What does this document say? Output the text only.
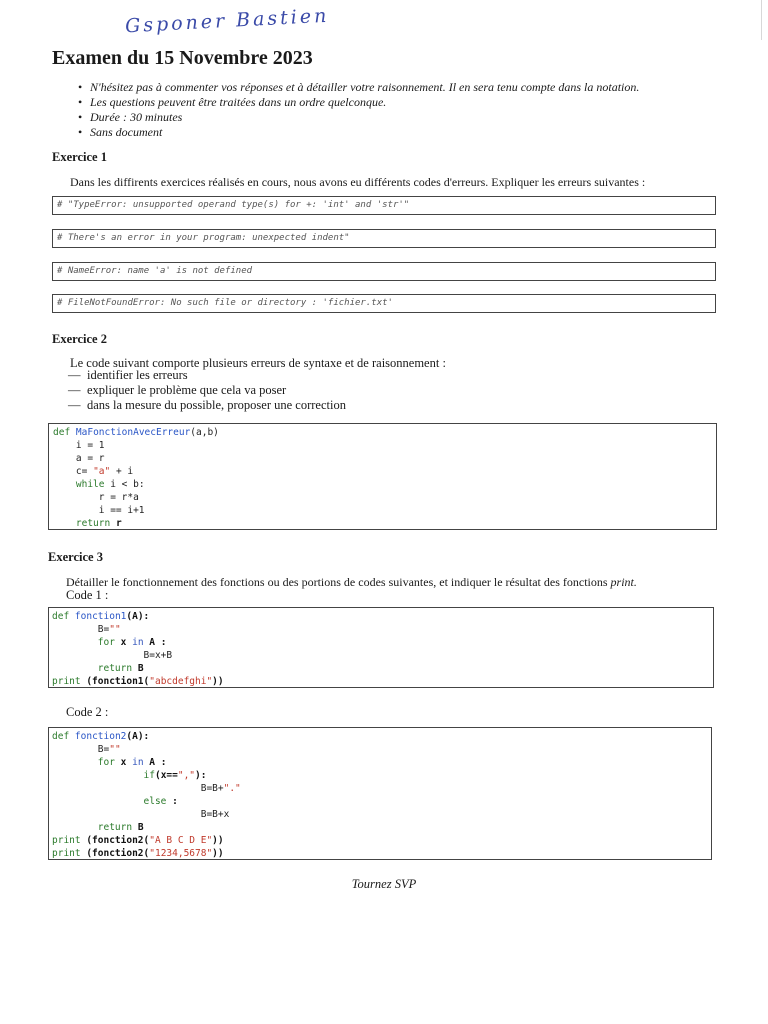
Gsponer Bastien
Examen du 15 Novembre 2023
• N'hésitez pas à commenter vos réponses et à détailler votre raisonnement. Il en sera tenu compte dans la notation.
• Les questions peuvent être traitées dans un ordre quelconque.
• Durée : 30 minutes
• Sans document
Exercice 1

Dans les diffirents exercices réalisés en cours, nous avons eu différents codes d'erreurs. Expliquer les erreurs suivantes :

# "TypeError: unsupported operand type(s) for +: 'int' and 'str'"
# There's an error in your program: unexpected indent"
# NameError: name 'a' is not defined
# FileNotFoundError: No such file or directory : 'fichier.txt'
Exercice 2

Le code suivant comporte plusieurs erreurs de syntaxe et de raisonnement :

— identifier les erreurs
— expliquer le problème que cela va poser
— dans la mesure du possible, proposer une correction
def MaFonctionAvecErreur(a,b)
i = 1
a = r
c= "a" + i
while i < b:
r = r*a
i == i+1
return r
Exercice 3

Détailler le fonctionnement des fonctions ou des portions de codes suivantes, et indiquer le résultat des fonctions print.

Code 1 :

def fonction1(A):
B=""
for x in A :
B=x+B
return B
print (fonction1("abcdefghi"))

Code 2 :

def fonction2(A):
B=""
for x in A :
if(x==","):
B=B+"."
else :
B=B+x
return B
print (fonction2("A B C D E"))
print (fonction2("1234,5678"))
Tournez SVP
